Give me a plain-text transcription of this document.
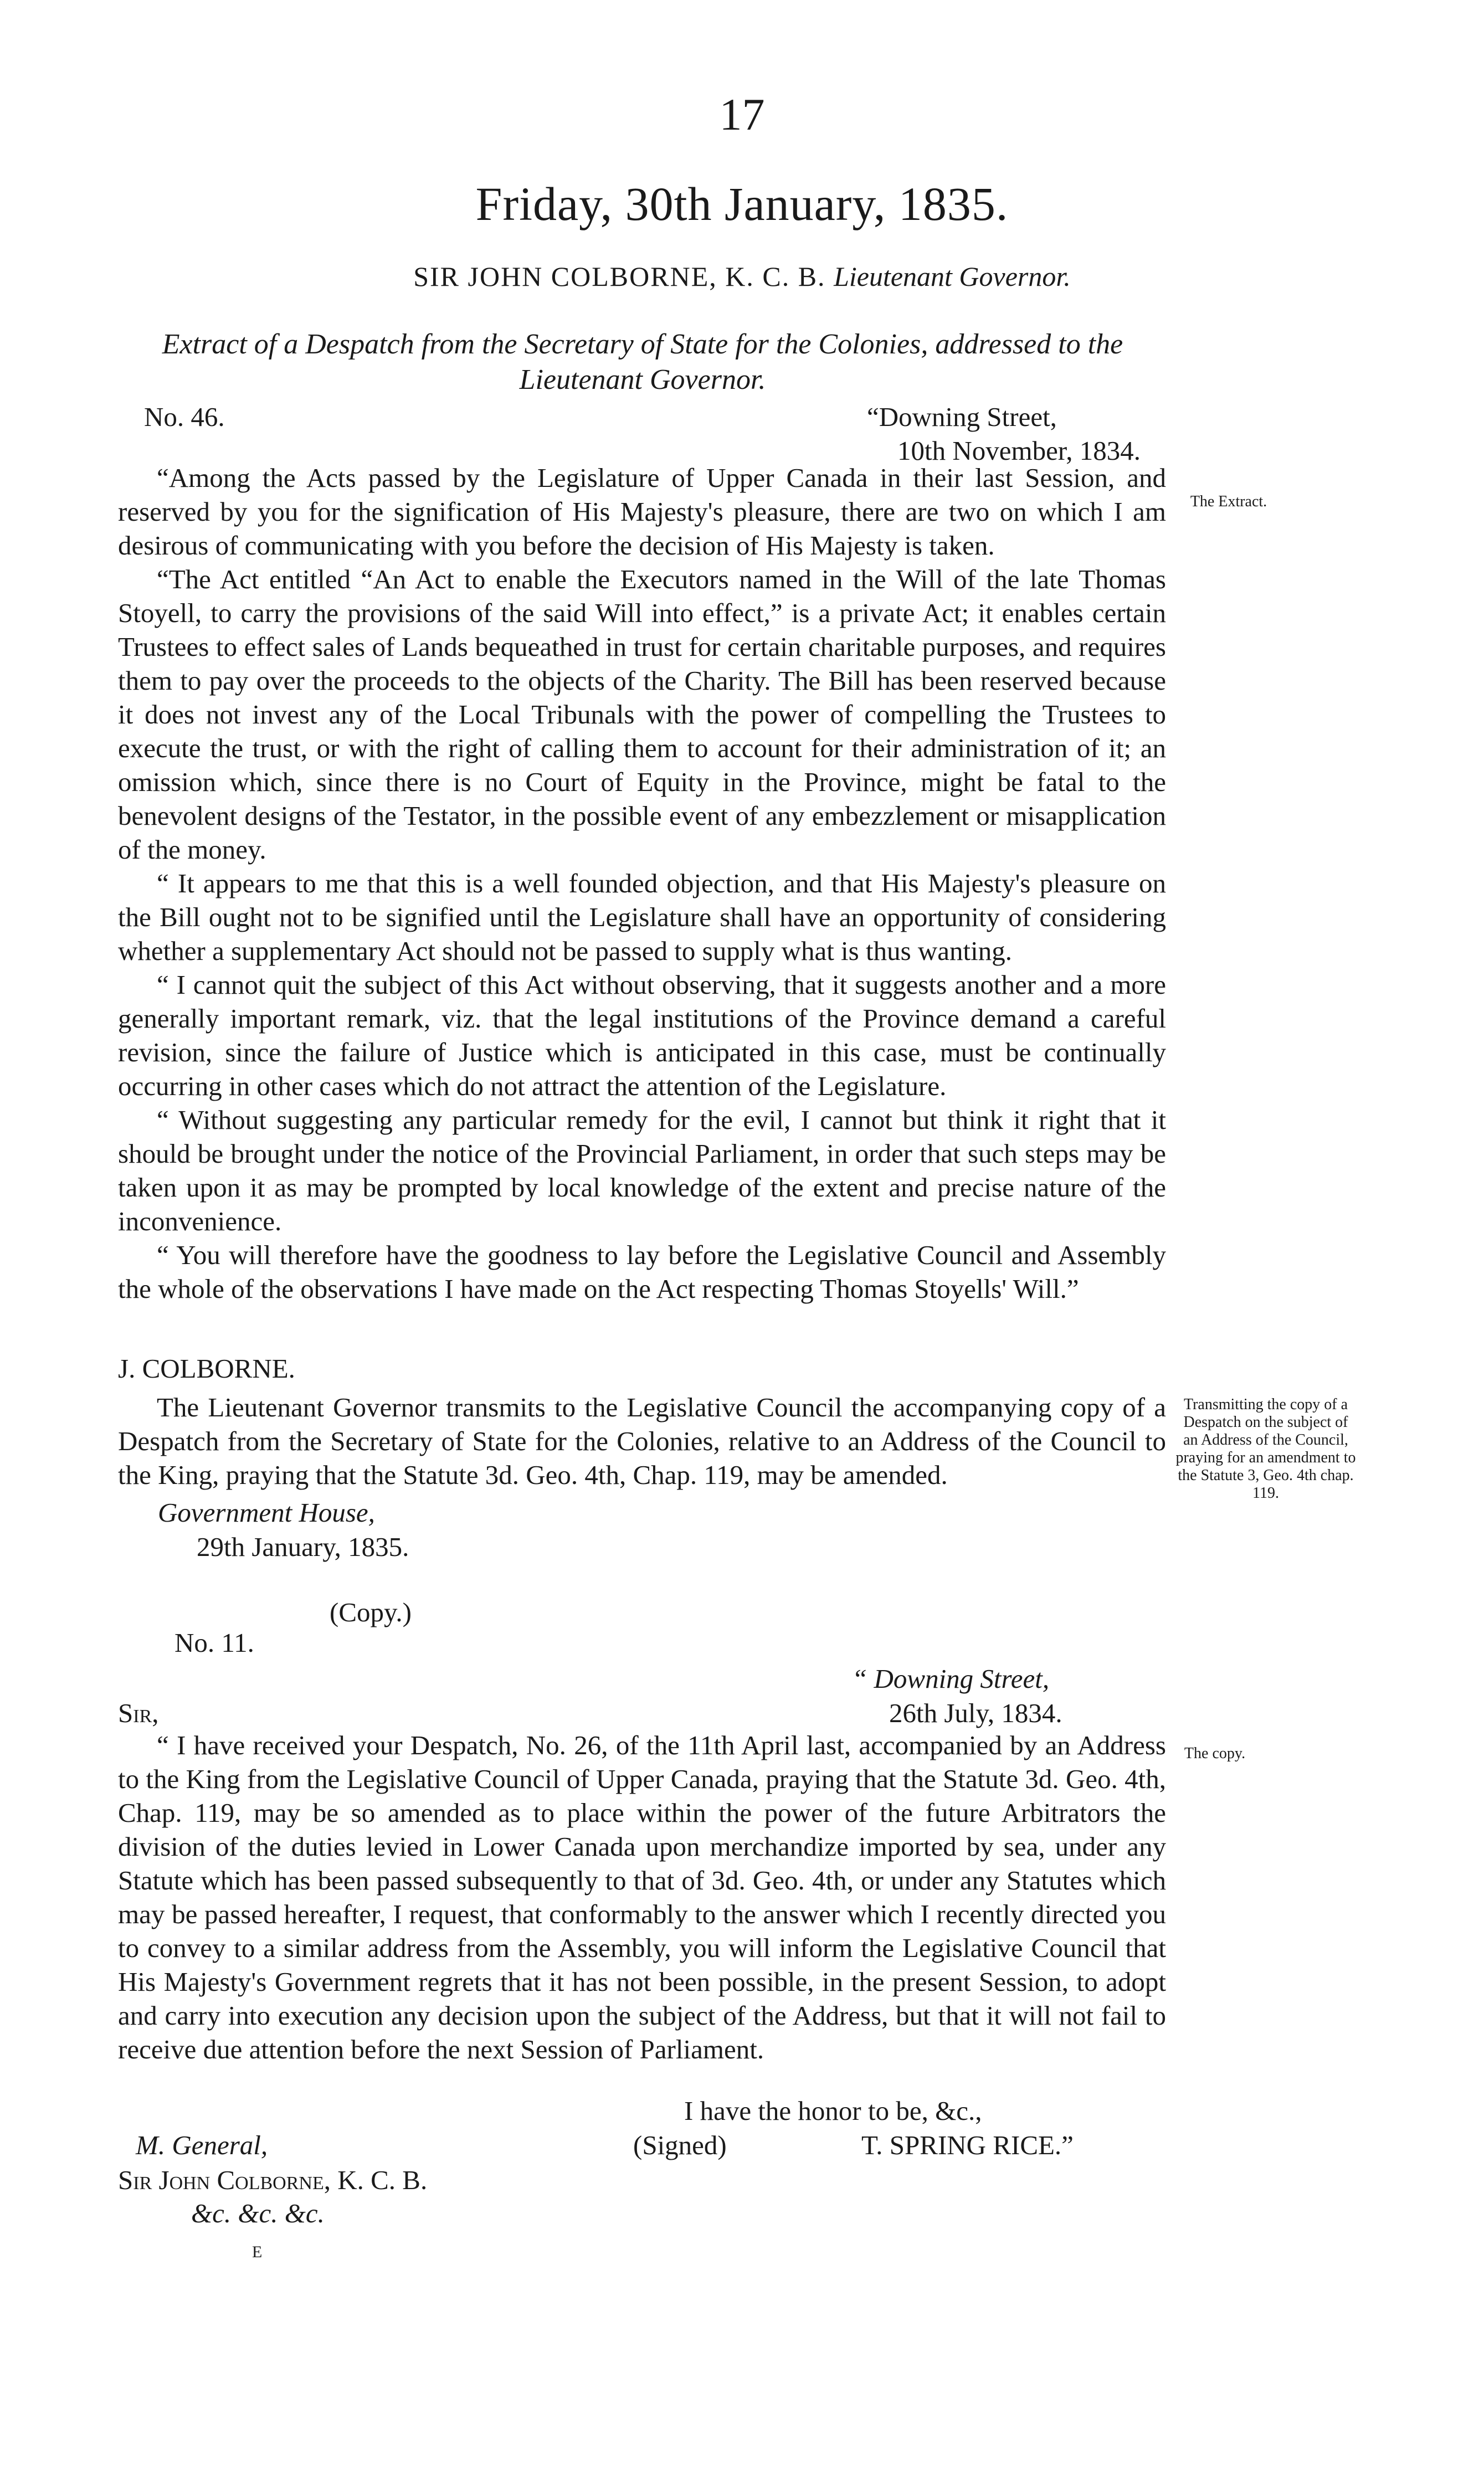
17
Friday, 30th January, 1835.
SIR JOHN COLBORNE, K. C. B. Lieutenant Governor.
Extract of a Despatch from the Secretary of State for the Colonies, addressed to the Lieutenant Governor.
No. 46.	“Downing Street,
10th November, 1834.
The Extract.

“Among the Acts passed by the Legislature of Upper Canada in their last Session, and reserved by you for the signification of His Majesty's pleasure, there are two on which I am desirous of communicating with you before the decision of His Majesty is taken.

“The Act entitled “An Act to enable the Executors named in the Will of the late Thomas Stoyell, to carry the provisions of the said Will into effect,” is a private Act; it enables certain Trustees to effect sales of Lands bequeathed in trust for certain charitable purposes, and requires them to pay over the proceeds to the objects of the Charity. The Bill has been reserved because it does not invest any of the Local Tribunals with the power of compelling the Trustees to execute the trust, or with the right of calling them to account for their administration of it; an omission which, since there is no Court of Equity in the Province, might be fatal to the benevolent designs of the Testator, in the possible event of any embezzlement or misapplication of the money.

“ It appears to me that this is a well founded objection, and that His Majesty's pleasure on the Bill ought not to be signified until the Legislature shall have an opportunity of considering whether a supplementary Act should not be passed to supply what is thus wanting.

“ I cannot quit the subject of this Act without observing, that it suggests another and a more generally important remark, viz. that the legal institutions of the Province demand a careful revision, since the failure of Justice which is anticipated in this case, must be continually occurring in other cases which do not attract the attention of the Legislature.

“ Without suggesting any particular remedy for the evil, I cannot but think it right that it should be brought under the notice of the Provincial Parliament, in order that such steps may be taken upon it as may be prompted by local knowledge of the extent and precise nature of the inconvenience.

“ You will therefore have the goodness to lay before the Legislative Council and Assembly the whole of the observations I have made on the Act respecting Thomas Stoyells' Will.”

J. COLBORNE.

The Lieutenant Governor transmits to the Legislative Council the accompanying copy of a Despatch from the Secretary of State for the Colonies, relative to an Address of the Council to the King, praying that the Statute 3d. Geo. 4th, Chap. 119, may be amended.

Transmitting the copy of a Despatch on the subject of an Address of the Council, praying for an amendment to the Statute 3, Geo. 4th chap. 119.
Government House,
29th January, 1835.
(Copy.)
No. 11.
“ Downing Street,
Sir,	26th July, 1834.
The copy.

“ I have received your Despatch, No. 26, of the 11th April last, accompanied by an Address to the King from the Legislative Council of Upper Canada, praying that the Statute 3d. Geo. 4th, Chap. 119, may be so amended as to place within the power of the future Arbitrators the division of the duties levied in Lower Canada upon merchandize imported by sea, under any Statute which has been passed subsequently to that of 3d. Geo. 4th, or under any Statutes which may be passed hereafter, I request, that conformably to the answer which I recently directed you to convey to a similar address from the Assembly, you will inform the Legislative Council that His Majesty's Government regrets that it has not been possible, in the present Session, to adopt and carry into execution any decision upon the subject of the Address, but that it will not fail to receive due attention before the next Session of Parliament.

I have the honor to be, &c.,
M. General,	(Signed)	T. SPRING RICE.”
Sir John Colborne, K. C. B.
&c. &c. &c.
E
